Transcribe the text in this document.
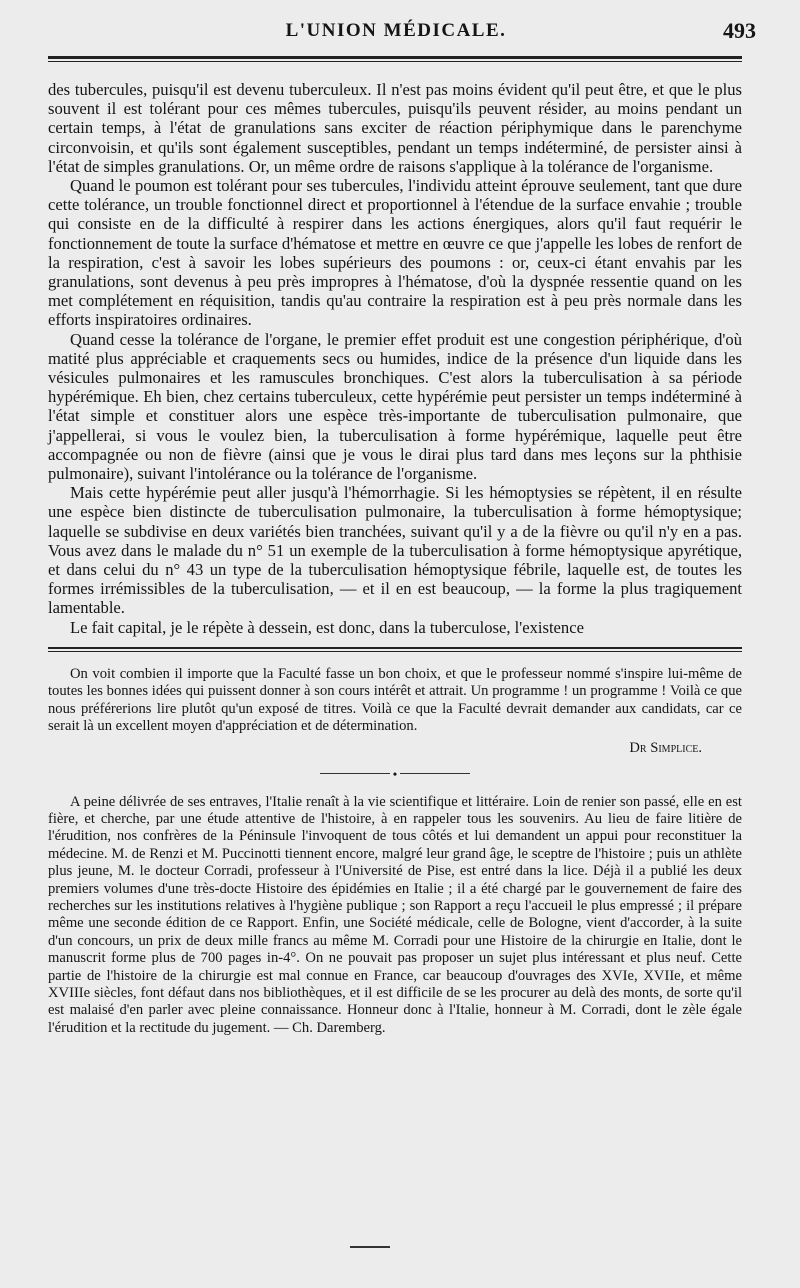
L'UNION MÉDICALE.	493

des tubercules, puisqu'il est devenu tuberculeux. Il n'est pas moins évident qu'il peut être, et que le plus souvent il est tolérant pour ces mêmes tubercules, puisqu'ils peuvent résider, au moins pendant un certain temps, à l'état de granulations sans exciter de réaction périphymique dans le parenchyme circonvoisin, et qu'ils sont également susceptibles, pendant un temps indéterminé, de persister ainsi à l'état de simples granulations. Or, un même ordre de raisons s'applique à la tolérance de l'organisme.

Quand le poumon est tolérant pour ses tubercules, l'individu atteint éprouve seulement, tant que dure cette tolérance, un trouble fonctionnel direct et proportionnel à l'étendue de la surface envahie ; trouble qui consiste en de la difficulté à respirer dans les actions énergiques, alors qu'il faut requérir le fonctionnement de toute la surface d'hématose et mettre en œuvre ce que j'appelle les lobes de renfort de la respiration, c'est à savoir les lobes supérieurs des poumons : or, ceux-ci étant envahis par les granulations, sont devenus à peu près impropres à l'hématose, d'où la dyspnée ressentie quand on les met complétement en réquisition, tandis qu'au contraire la respiration est à peu près normale dans les efforts inspiratoires ordinaires.

Quand cesse la tolérance de l'organe, le premier effet produit est une congestion périphérique, d'où matité plus appréciable et craquements secs ou humides, indice de la présence d'un liquide dans les vésicules pulmonaires et les ramuscules bronchiques. C'est alors la tuberculisation à sa période hypérémique. Eh bien, chez certains tuberculeux, cette hypérémie peut persister un temps indéterminé à l'état simple et constituer alors une espèce très-importante de tuberculisation pulmonaire, que j'appellerai, si vous le voulez bien, la tuberculisation à forme hypérémique, laquelle peut être accompagnée ou non de fièvre (ainsi que je vous le dirai plus tard dans mes leçons sur la phthisie pulmonaire), suivant l'intolérance ou la tolérance de l'organisme.

Mais cette hypérémie peut aller jusqu'à l'hémorrhagie. Si les hémoptysies se répètent, il en résulte une espèce bien distincte de tuberculisation pulmonaire, la tuberculisation à forme hémoptysique; laquelle se subdivise en deux variétés bien tranchées, suivant qu'il y a de la fièvre ou qu'il n'y en a pas. Vous avez dans le malade du n° 51 un exemple de la tuberculisation à forme hémoptysique apyrétique, et dans celui du n° 43 un type de la tuberculisation hémoptysique fébrile, laquelle est, de toutes les formes irrémissibles de la tuberculisation, — et il en est beaucoup, — la forme la plus tragiquement lamentable.

Le fait capital, je le répète à dessein, est donc, dans la tuberculose, l'existence

On voit combien il importe que la Faculté fasse un bon choix, et que le professeur nommé s'inspire lui-même de toutes les bonnes idées qui puissent donner à son cours intérêt et attrait. Un programme ! un programme ! Voilà ce que nous préférerions lire plutôt qu'un exposé de titres. Voilà ce que la Faculté devrait demander aux candidats, car ce serait là un excellent moyen d'appréciation et de détermination.

Dr Simplice.
•

A peine délivrée de ses entraves, l'Italie renaît à la vie scientifique et littéraire. Loin de renier son passé, elle en est fière, et cherche, par une étude attentive de l'histoire, à en rappeler tous les souvenirs. Au lieu de faire litière de l'érudition, nos confrères de la Péninsule l'invoquent de tous côtés et lui demandent un appui pour reconstituer la médecine. M. de Renzi et M. Puccinotti tiennent encore, malgré leur grand âge, le sceptre de l'histoire ; puis un athlète plus jeune, M. le docteur Corradi, professeur à l'Université de Pise, est entré dans la lice. Déjà il a publié les deux premiers volumes d'une très-docte Histoire des épidémies en Italie ; il a été chargé par le gouvernement de faire des recherches sur les institutions relatives à l'hygiène publique ; son Rapport a reçu l'accueil le plus empressé ; il prépare même une seconde édition de ce Rapport. Enfin, une Société médicale, celle de Bologne, vient d'accorder, à la suite d'un concours, un prix de deux mille francs au même M. Corradi pour une Histoire de la chirurgie en Italie, dont le manuscrit forme plus de 700 pages in-4°. On ne pouvait pas proposer un sujet plus intéressant et plus neuf. Cette partie de l'histoire de la chirurgie est mal connue en France, car beaucoup d'ouvrages des XVIe, XVIIe, et même XVIIIe siècles, font défaut dans nos bibliothèques, et il est difficile de se les procurer au delà des monts, de sorte qu'il est malaisé d'en parler avec pleine connaissance. Honneur donc à l'Italie, honneur à M. Corradi, dont le zèle égale l'érudition et la rectitude du jugement. — Ch. Daremberg.
